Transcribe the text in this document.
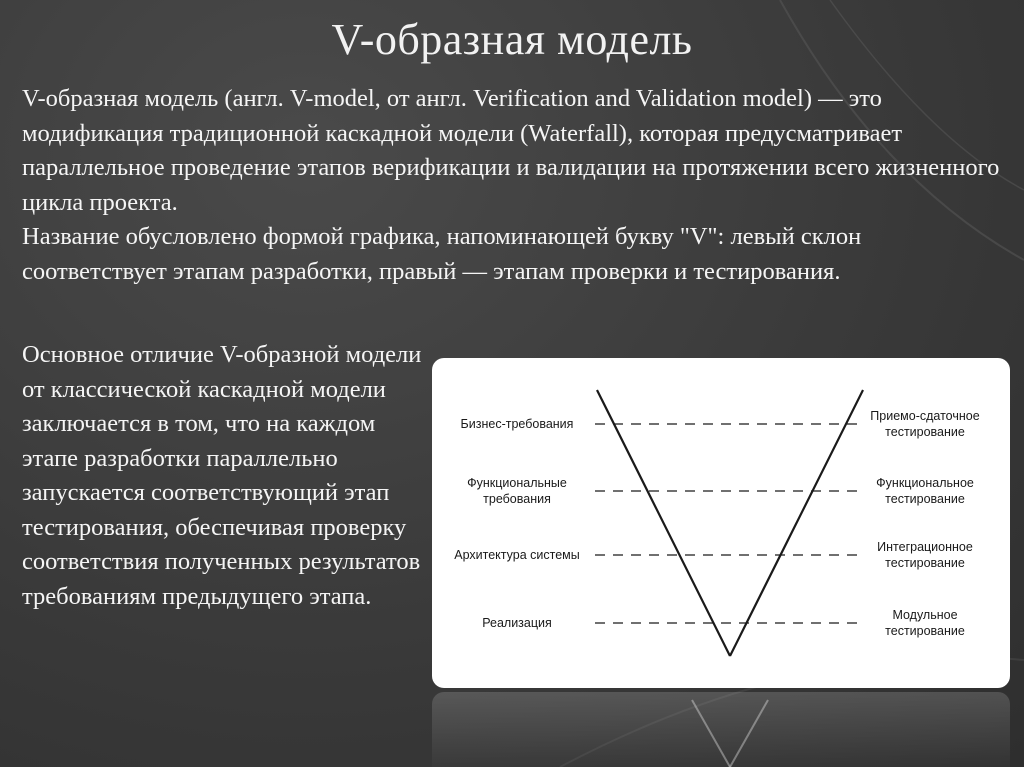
V-образная модель

V-образная модель (англ. V-model, от англ. Verification and Validation model) — это модификация традиционной каскадной модели (Waterfall), которая предусматривает параллельное проведение этапов верификации и валидации на протяжении всего жизненного цикла проекта.

Название обусловлено формой графика, напоминающей букву "V": левый склон соответствует этапам разработки, правый — этапам проверки и тестирования.

Основное отличие V-образной модели от классической каскадной модели заключается в том, что на каждом этапе разработки параллельно запускается соответствующий этап тестирования, обеспечивая проверку соответствия полученных результатов требованиям предыдущего этапа.

Бизнес-требования
Функциональные требования
Архитектура системы
Реализация
Приемо-сдаточное тестирование
Функциональное тестирование
Интеграционное тестирование
Модульное тестирование
